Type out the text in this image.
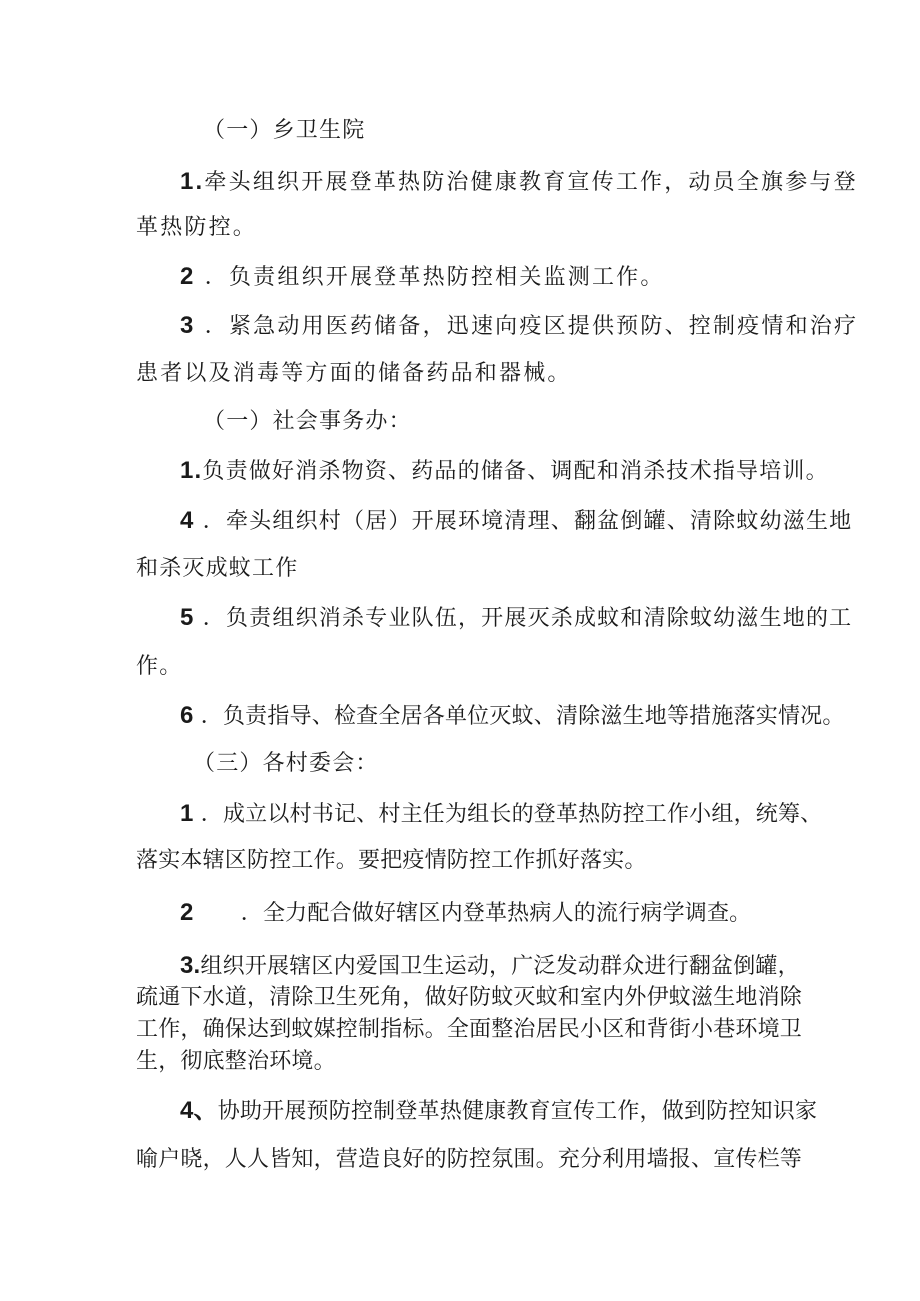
（一）乡卫生院
1.牵头组织开展登革热防治健康教育宣传工作，动员全旗参与登
革热防控。
2 ．负责组织开展登革热防控相关监测工作。
3 ．紧急动用医药储备，迅速向疫区提供预防、控制疫情和治疗
患者以及消毒等方面的储备药品和器械。
（一）社会事务办：
1.负责做好消杀物资、药品的储备、调配和消杀技术指导培训。
4 ．牵头组织村（居）开展环境清理、翻盆倒罐、清除蚊幼滋生地
和杀灭成蚊工作
5 ．负责组织消杀专业队伍，开展灭杀成蚊和清除蚊幼滋生地的工
作。
6 ．负责指导、检查全居各单位灭蚊、清除滋生地等措施落实情况。
（三）各村委会：
1 ．成立以村书记、村主任为组长的登革热防控工作小组，统筹、
落实本辖区防控工作。要把疫情防控工作抓好落实。
2 ．全力配合做好辖区内登革热病人的流行病学调查。
3.组织开展辖区内爱国卫生运动，广泛发动群众进行翻盆倒罐，
疏通下水道，清除卫生死角，做好防蚊灭蚊和室内外伊蚊滋生地消除
工作，确保达到蚊媒控制指标。全面整治居民小区和背街小巷环境卫
生，彻底整治环境。
4、协助开展预防控制登革热健康教育宣传工作，做到防控知识家
喻户晓，人人皆知，营造良好的防控氛围。充分利用墙报、宣传栏等
